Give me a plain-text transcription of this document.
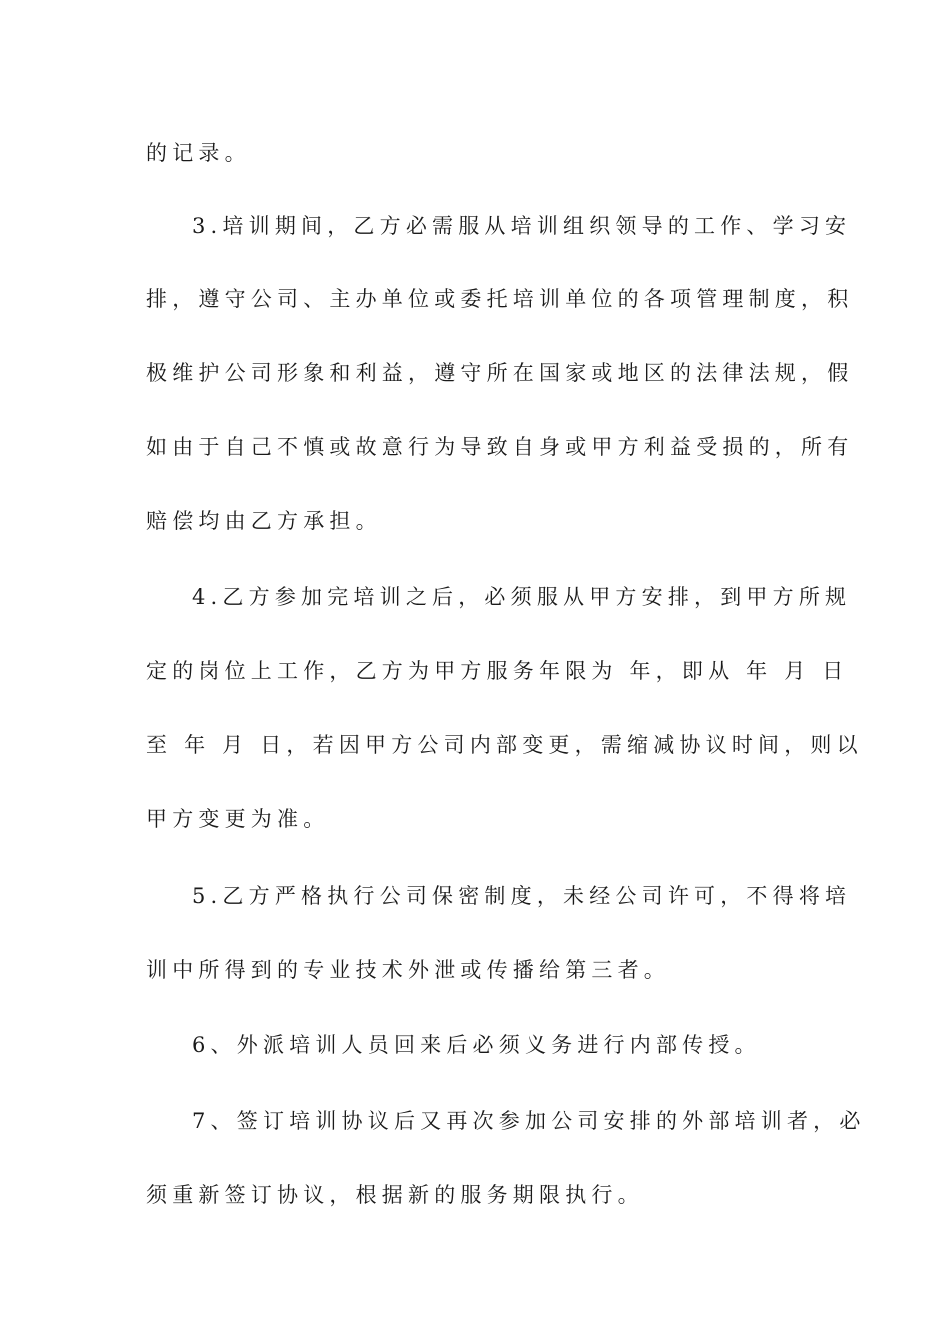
的记录。
3.培训期间，乙方必需服从培训组织领导的工作、学习安
排，遵守公司、主办单位或委托培训单位的各项管理制度，积
极维护公司形象和利益，遵守所在国家或地区的法律法规，假
如由于自己不慎或故意行为导致自身或甲方利益受损的，所有
赔偿均由乙方承担。
4.乙方参加完培训之后，必须服从甲方安排，到甲方所规
定的岗位上工作，乙方为甲方服务年限为 年，即从 年 月 日
至 年 月 日，若因甲方公司内部变更，需缩减协议时间，则以
甲方变更为准。
5.乙方严格执行公司保密制度，未经公司许可，不得将培
训中所得到的专业技术外泄或传播给第三者。
6、外派培训人员回来后必须义务进行内部传授。
7、签订培训协议后又再次参加公司安排的外部培训者，必
须重新签订协议，根据新的服务期限执行。
